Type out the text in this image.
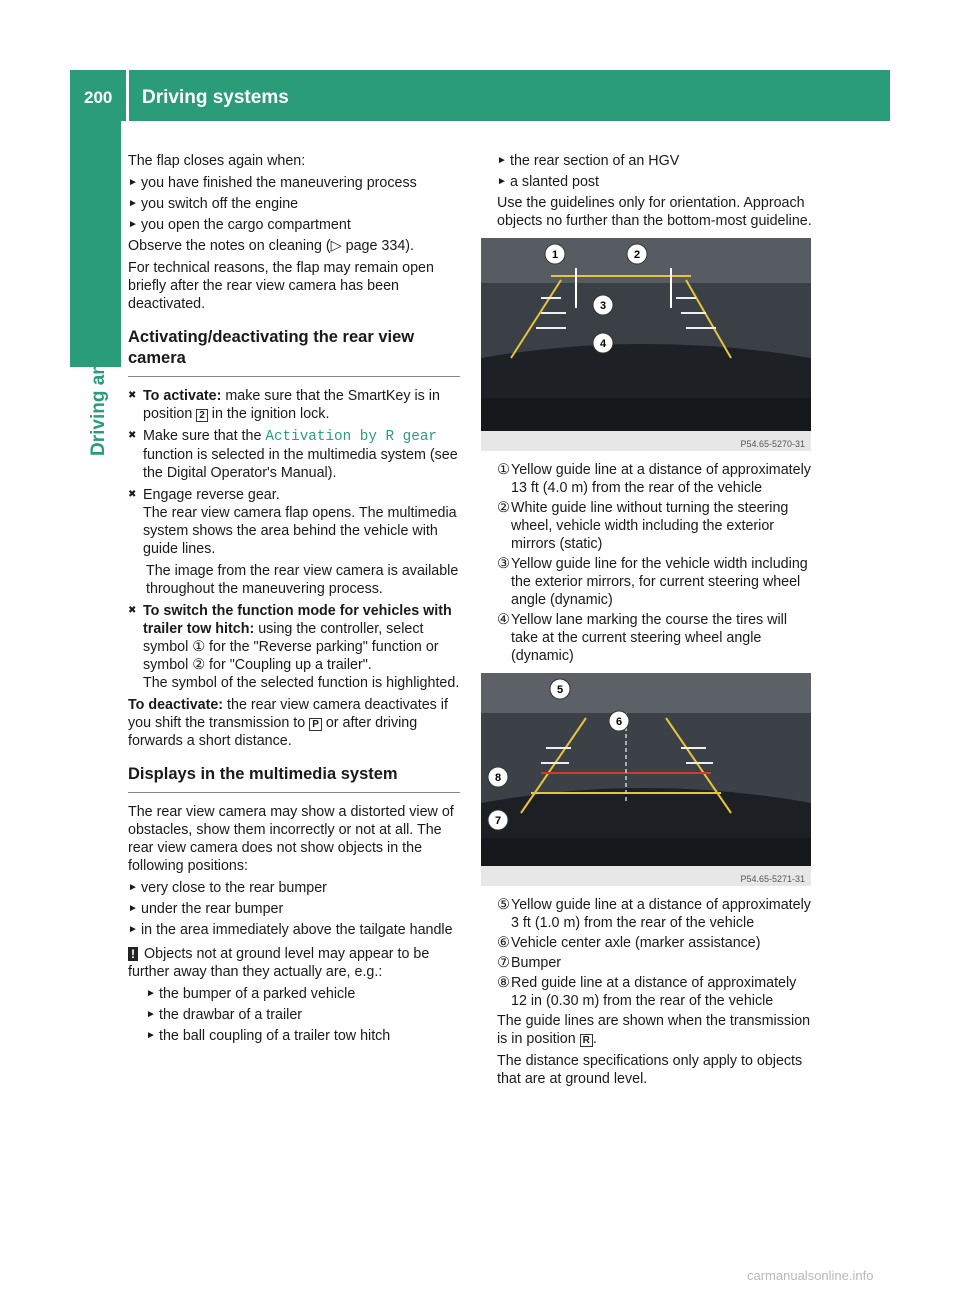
200 Driving systems
Driving and parking

The flap closes again when:

► you have finished the maneuvering process
► you switch off the engine
► you open the cargo compartment

Observe the notes on cleaning (▷ page 334).

For technical reasons, the flap may remain open briefly after the rear view camera has been deactivated.

Activating/deactivating the rear view camera
✖ To activate: make sure that the SmartKey is in position 2 in the ignition lock.
✖ Make sure that the Activation by R gear function is selected in the multimedia system (see the Digital Operator's Manual).
✖ Engage reverse gear.
The rear view camera flap opens. The multimedia system shows the area behind the vehicle with guide lines.

The image from the rear view camera is available throughout the maneuvering process.

✖ To switch the function mode for vehicles with trailer tow hitch: using the controller, select symbol ① for the "Reverse parking" function or symbol ② for "Coupling up a trailer".
The symbol of the selected function is highlighted.

To deactivate: the rear view camera deactivates if you shift the transmission to P or after driving forwards a short distance.

Displays in the multimedia system

The rear view camera may show a distorted view of obstacles, show them incorrectly or not at all. The rear view camera does not show objects in the following positions:

► very close to the rear bumper
► under the rear bumper
► in the area immediately above the tailgate handle

! Objects not at ground level may appear to be further away than they actually are, e.g.:

► the bumper of a parked vehicle
► the drawbar of a trailer
► the ball coupling of a trailer tow hitch
► the rear section of an HGV
► a slanted post

Use the guidelines only for orientation. Approach objects no further than the bottom-most guideline.

1	2
3
4
P54.65-5270-31
① Yellow guide line at a distance of approximately 13 ft (4.0 m) from the rear of the vehicle
② White guide line without turning the steering wheel, vehicle width including the exterior mirrors (static)
③ Yellow guide line for the vehicle width including the exterior mirrors, for current steering wheel angle (dynamic)
④ Yellow lane marking the course the tires will take at the current steering wheel angle (dynamic)
5
6
7
8
P54.65-5271-31
⑤ Yellow guide line at a distance of approximately 3 ft (1.0 m) from the rear of the vehicle
⑥ Vehicle center axle (marker assistance)
⑦ Bumper
⑧ Red guide line at a distance of approximately 12 in (0.30 m) from the rear of the vehicle

The guide lines are shown when the transmission is in position R .

The distance specifications only apply to objects that are at ground level.

carmanualsonline.info
